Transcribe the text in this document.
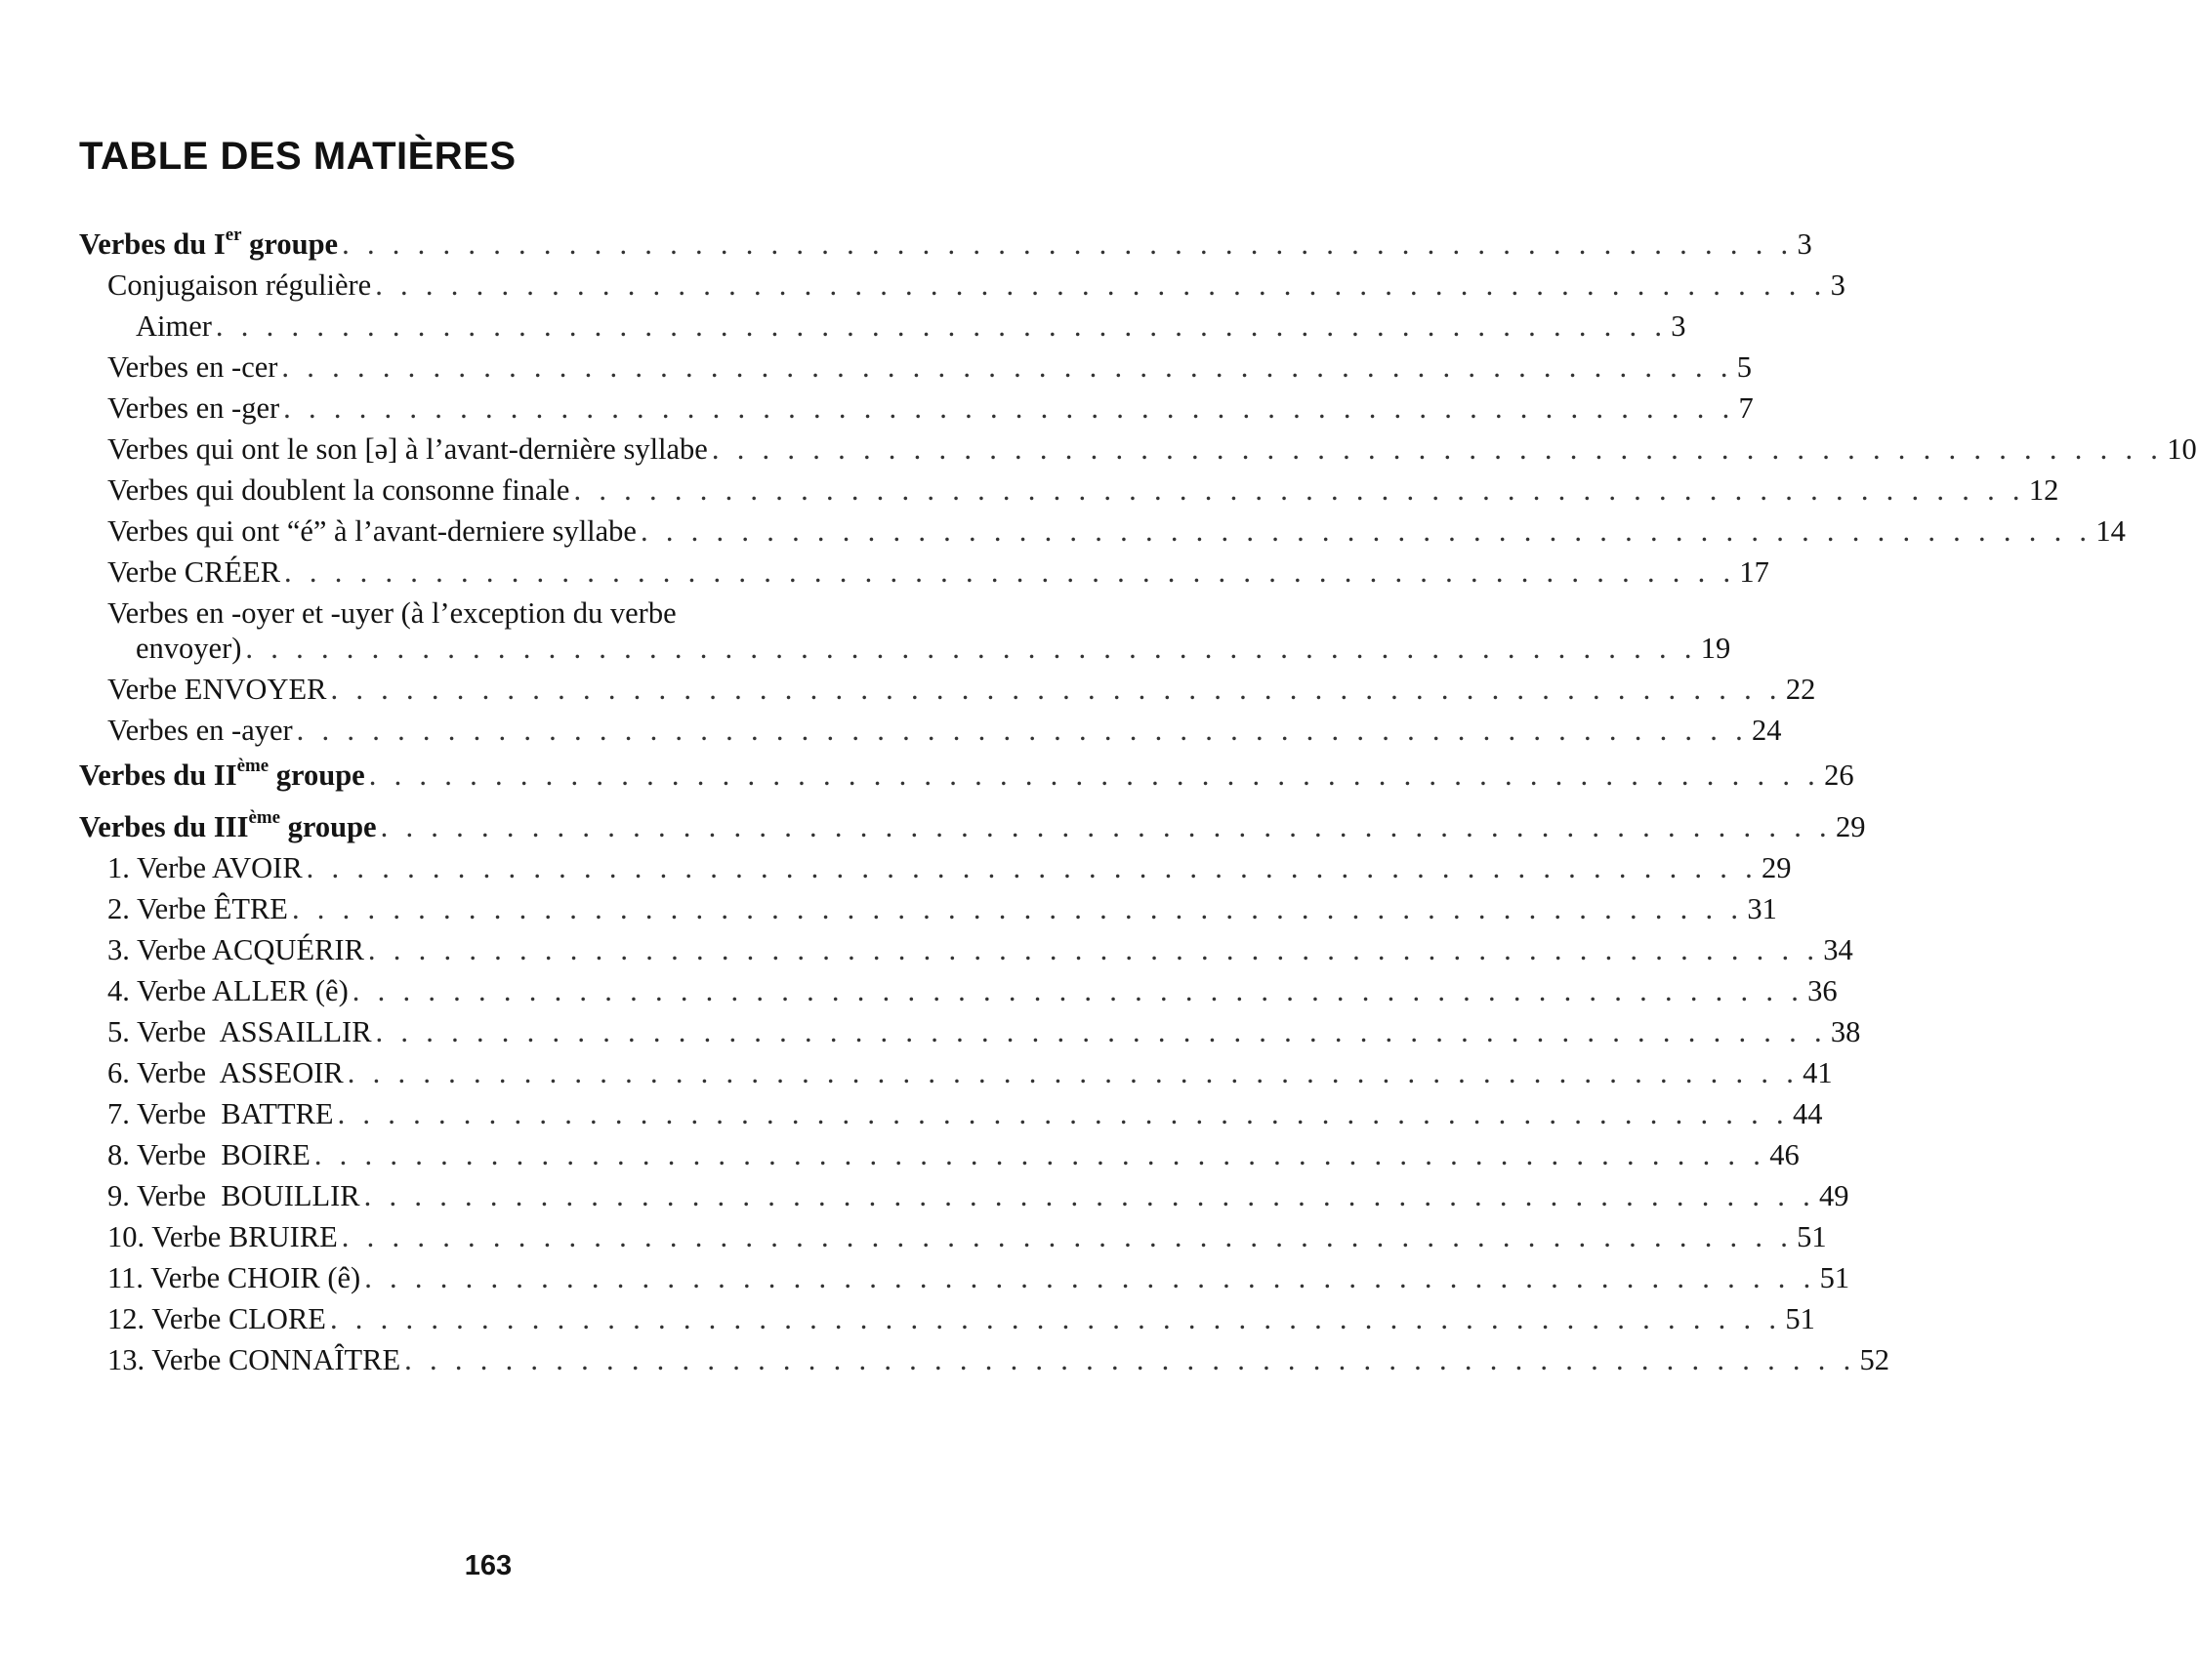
TABLE DES MATIÈRES
Verbes du Ier groupe . . . . . . . . . . . . . . . . . . . . . . . . . . . . . . . . . . . . . . . . . . . . . . . . . . . . . . . . . . 3
Conjugaison régulière . . . . . . . . . . . . . . . . . . . . . . . . . . . . . . . . . . . . . . . . . . . . . . . . . . . . . . . . . . 3
Aimer . . . . . . . . . . . . . . . . . . . . . . . . . . . . . . . . . . . . . . . . . . . . . . . . . . . . . . . . . . 3
Verbes en -cer . . . . . . . . . . . . . . . . . . . . . . . . . . . . . . . . . . . . . . . . . . . . . . . . . . . . . . . . . . 5
Verbes en -ger . . . . . . . . . . . . . . . . . . . . . . . . . . . . . . . . . . . . . . . . . . . . . . . . . . . . . . . . . . 7
Verbes qui ont le son [ə] à l’avant-dernière syllabe . . . . . . . . . . . . . . . . . . . . . . . . . . . . . . . . . . . . . . . . . . . . . . . . . . . . . . . . . . 10
Verbes qui doublent la consonne finale . . . . . . . . . . . . . . . . . . . . . . . . . . . . . . . . . . . . . . . . . . . . . . . . . . . . . . . . . . 12
Verbes qui ont “é” à l’avant-derniere syllabe . . . . . . . . . . . . . . . . . . . . . . . . . . . . . . . . . . . . . . . . . . . . . . . . . . . . . . . . . . 14
Verbe CRÉER . . . . . . . . . . . . . . . . . . . . . . . . . . . . . . . . . . . . . . . . . . . . . . . . . . . . . . . . . . 17
Verbes en -oyer et -uyer (à l’exception du verbe
envoyer) . . . . . . . . . . . . . . . . . . . . . . . . . . . . . . . . . . . . . . . . . . . . . . . . . . . . . . . . . . 19
Verbe ENVOYER . . . . . . . . . . . . . . . . . . . . . . . . . . . . . . . . . . . . . . . . . . . . . . . . . . . . . . . . . . 22
Verbes en -ayer . . . . . . . . . . . . . . . . . . . . . . . . . . . . . . . . . . . . . . . . . . . . . . . . . . . . . . . . . . 24
Verbes du IIème groupe . . . . . . . . . . . . . . . . . . . . . . . . . . . . . . . . . . . . . . . . . . . . . . . . . . . . . . . . . . 26
Verbes du IIIème groupe . . . . . . . . . . . . . . . . . . . . . . . . . . . . . . . . . . . . . . . . . . . . . . . . . . . . . . . . . . 29
1. Verbe AVOIR . . . . . . . . . . . . . . . . . . . . . . . . . . . . . . . . . . . . . . . . . . . . . . . . . . . . . . . . . . 29
2. Verbe ÊTRE . . . . . . . . . . . . . . . . . . . . . . . . . . . . . . . . . . . . . . . . . . . . . . . . . . . . . . . . . . 31
3. Verbe ACQUÉRIR . . . . . . . . . . . . . . . . . . . . . . . . . . . . . . . . . . . . . . . . . . . . . . . . . . . . . . . . . . 34
4. Verbe ALLER (ê) . . . . . . . . . . . . . . . . . . . . . . . . . . . . . . . . . . . . . . . . . . . . . . . . . . . . . . . . . . 36
5. Verbe  ASSAILLIR . . . . . . . . . . . . . . . . . . . . . . . . . . . . . . . . . . . . . . . . . . . . . . . . . . . . . . . . . . 38
6. Verbe  ASSEOIR . . . . . . . . . . . . . . . . . . . . . . . . . . . . . . . . . . . . . . . . . . . . . . . . . . . . . . . . . . 41
7. Verbe  BATTRE . . . . . . . . . . . . . . . . . . . . . . . . . . . . . . . . . . . . . . . . . . . . . . . . . . . . . . . . . . 44
8. Verbe  BOIRE . . . . . . . . . . . . . . . . . . . . . . . . . . . . . . . . . . . . . . . . . . . . . . . . . . . . . . . . . . 46
9. Verbe  BOUILLIR . . . . . . . . . . . . . . . . . . . . . . . . . . . . . . . . . . . . . . . . . . . . . . . . . . . . . . . . . . 49
10. Verbe BRUIRE . . . . . . . . . . . . . . . . . . . . . . . . . . . . . . . . . . . . . . . . . . . . . . . . . . . . . . . . . . 51
11. Verbe CHOIR (ê) . . . . . . . . . . . . . . . . . . . . . . . . . . . . . . . . . . . . . . . . . . . . . . . . . . . . . . . . . . 51
12. Verbe CLORE . . . . . . . . . . . . . . . . . . . . . . . . . . . . . . . . . . . . . . . . . . . . . . . . . . . . . . . . . . 51
13. Verbe CONNAÎTRE . . . . . . . . . . . . . . . . . . . . . . . . . . . . . . . . . . . . . . . . . . . . . . . . . . . . . . . . . . 52
163
